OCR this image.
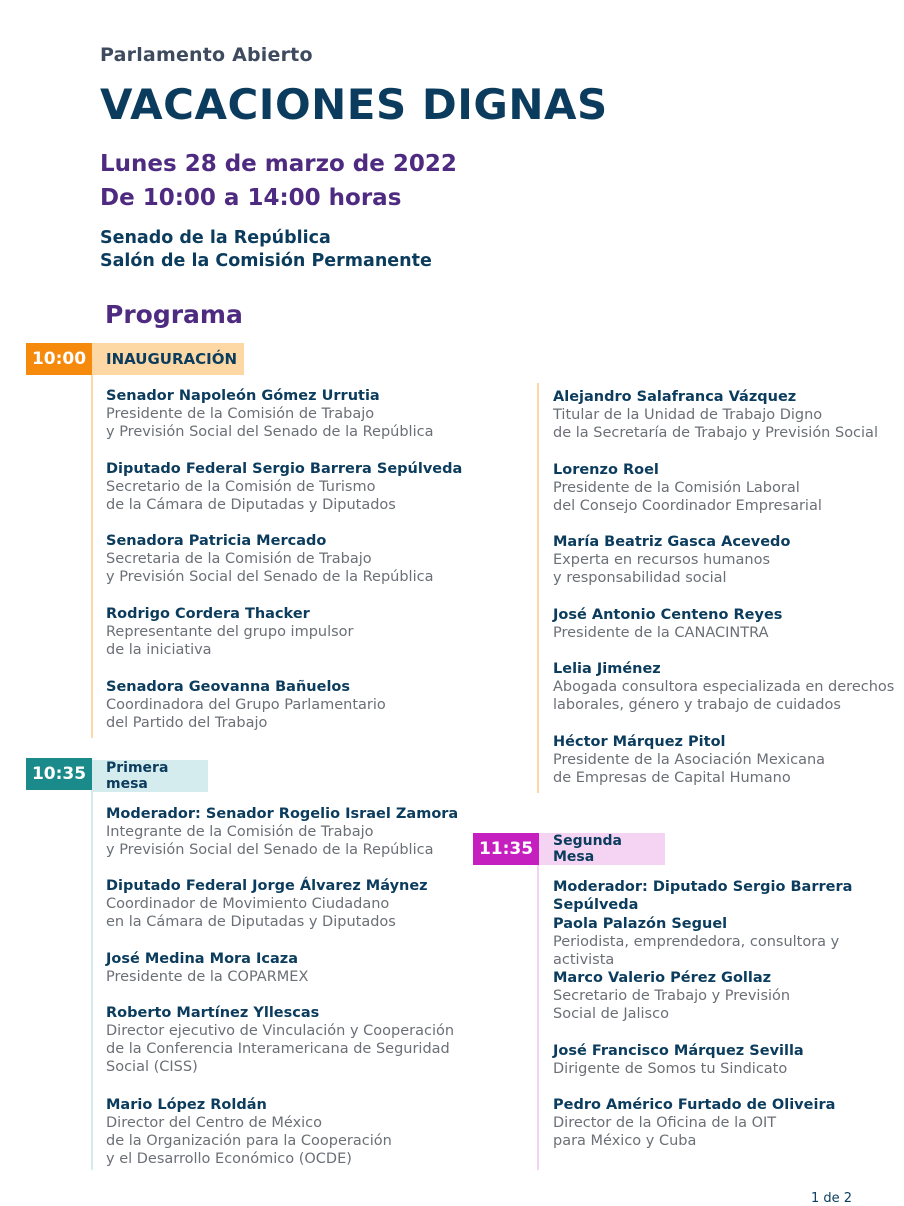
Parlamento Abierto
VACACIONES DIGNAS
Lunes 28 de marzo de 2022
De 10:00 a 14:00 horas
Senado de la República
Salón de la Comisión Permanente
Programa
10:00	INAUGURACIÓN
Senador Napoleón Gómez Urrutia
Presidente de la Comisión de Trabajo
y Previsión Social del Senado de la República
Diputado Federal Sergio Barrera Sepúlveda
Secretario de la Comisión de Turismo
de la Cámara de Diputadas y Diputados
Senadora Patricia Mercado
Secretaria de la Comisión de Trabajo
y Previsión Social del Senado de la República
Rodrigo Cordera Thacker
Representante del grupo impulsor
de la iniciativa
Senadora Geovanna Bañuelos
Coordinadora del Grupo Parlamentario
del Partido del Trabajo
Alejandro Salafranca Vázquez
Titular de la Unidad de Trabajo Digno
de la Secretaría de Trabajo y Previsión Social
Lorenzo Roel
Presidente de la Comisión Laboral
del Consejo Coordinador Empresarial
María Beatriz Gasca Acevedo
Experta en recursos humanos
y responsabilidad social
José Antonio Centeno Reyes
Presidente de la CANACINTRA
Lelia Jiménez
Abogada consultora especializada en derechos
laborales, género y trabajo de cuidados
Héctor Márquez Pitol
Presidente de la Asociación Mexicana
de Empresas de Capital Humano
10:35	Primera mesa
Moderador: Senador Rogelio Israel Zamora
Integrante de la Comisión de Trabajo
y Previsión Social del Senado de la República
Diputado Federal Jorge Álvarez Máynez
Coordinador de Movimiento Ciudadano
en la Cámara de Diputadas y Diputados
José Medina Mora Icaza
Presidente de la COPARMEX
Roberto Martínez Yllescas
Director ejecutivo de Vinculación y Cooperación
de la Conferencia Interamericana de Seguridad
Social (CISS)
Mario López Roldán
Director del Centro de México
de la Organización para la Cooperación
y el Desarrollo Económico (OCDE)
11:35	Segunda Mesa
Moderador: Diputado Sergio Barrera Sepúlveda
Paola Palazón Seguel
Periodista, emprendedora, consultora y activista
Marco Valerio Pérez Gollaz
Secretario de Trabajo y Previsión
Social de Jalisco
José Francisco Márquez Sevilla
Dirigente de Somos tu Sindicato
Pedro Américo Furtado de Oliveira
Director de la Oficina de la OIT
para México y Cuba
1 de 2
